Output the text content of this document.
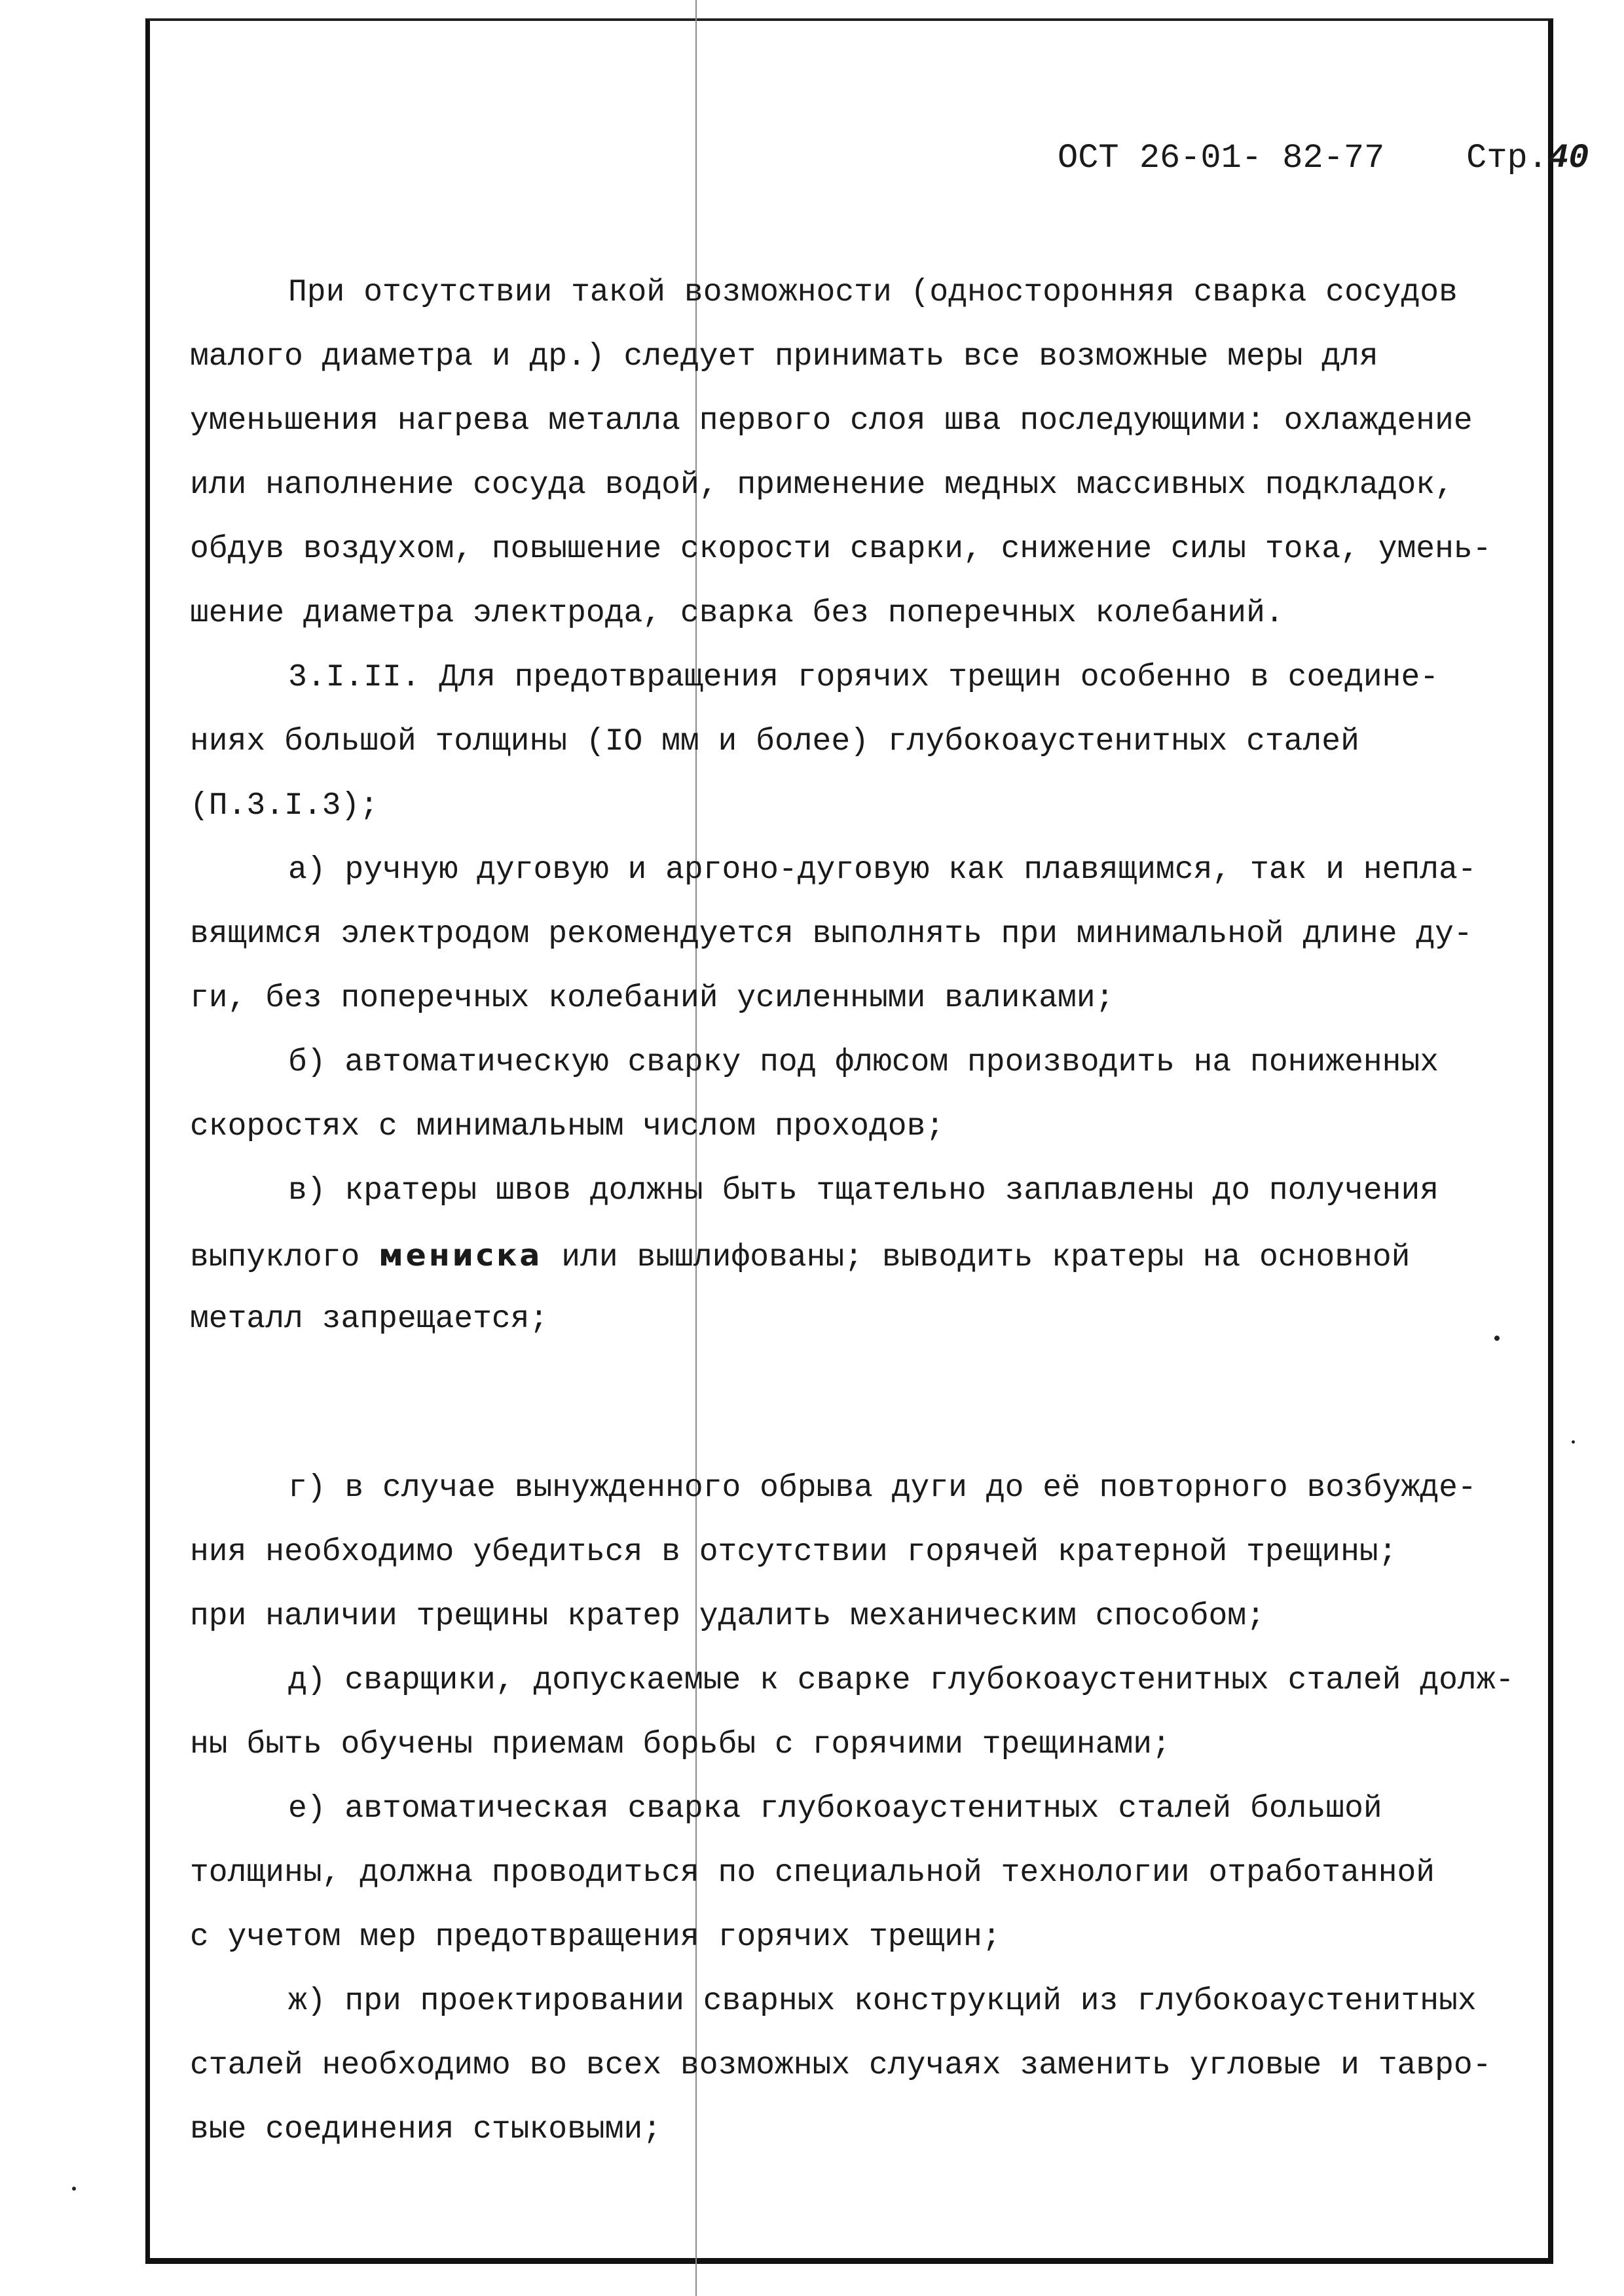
ОСТ 26-01- 82-77 Стр.40
При отсутствии такой возможности (односторонняя сварка сосудов
малого диаметра и др.) следует принимать все возможные меры для
уменьшения нагрева металла первого слоя шва последующими: охлаждение
или наполнение сосуда водой, применение медных массивных подкладок,
обдув воздухом, повышение скорости сварки, снижение силы тока, умень-
шение диаметра электрода, сварка без поперечных колебаний.
3.I.II. Для предотвращения горячих трещин особенно в соедине-
ниях большой толщины (IO мм и более) глубокоаустенитных сталей
(П.3.I.3);
а) ручную дуговую и аргоно-дуговую как плавящимся, так и непла-
вящимся электродом рекомендуется выполнять при минимальной длине ду-
ги, без поперечных колебаний усиленными валиками;
б) автоматическую сварку под флюсом производить на пониженных
скоростях с минимальным числом проходов;
в) кратеры швов должны быть тщательно заплавлены до получения
выпуклого мениска или вышлифованы; выводить кратеры на основной
металл запрещается;
г) в случае вынужденного обрыва дуги до её повторного возбужде-
ния необходимо убедиться в отсутствии горячей кратерной трещины;
при наличии трещины кратер удалить механическим способом;
д) сварщики, допускаемые к сварке глубокоаустенитных сталей долж-
ны быть обучены приемам борьбы с горячими трещинами;
е) автоматическая сварка глубокоаустенитных сталей большой
толщины, должна проводиться по специальной технологии отработанной
с учетом мер предотвращения горячих трещин;
ж) при проектировании сварных конструкций из глубокоаустенитных
сталей необходимо во всех возможных случаях заменить угловые и тавро-
вые соединения стыковыми;
